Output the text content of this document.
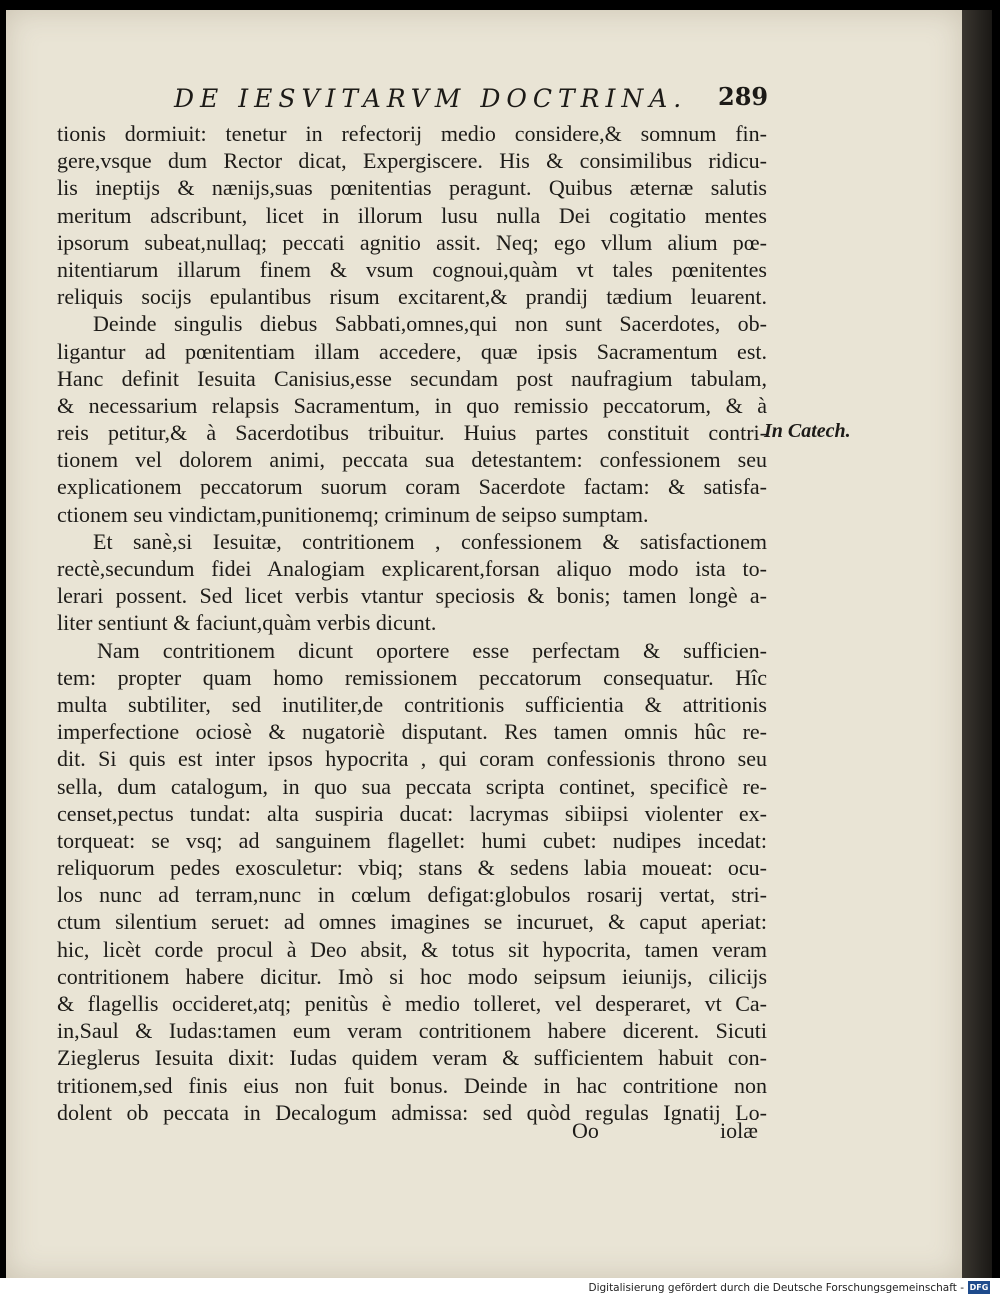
DE IESVITARVM DOCTRINA. 289
tionis dormiuit: tenetur in refectorij medio considere,& somnum fin-
gere,vsque dum Rector dicat, Expergiscere. His & consimilibus ridicu-
lis ineptijs & nænijs,suas pœnitentias peragunt. Quibus æternæ salutis
meritum adscribunt, licet in illorum lusu nulla Dei cogitatio mentes
ipsorum subeat,nullaq; peccati agnitio assit. Neq; ego vllum alium pœ-
nitentiarum illarum finem & vsum cognoui,quàm vt tales pœnitentes
reliquis socijs epulantibus risum excitarent,& prandij tædium leuarent.
Deinde singulis diebus Sabbati,omnes,qui non sunt Sacerdotes, ob-
ligantur ad pœnitentiam illam accedere, quæ ipsis Sacramentum est.
Hanc definit Iesuita Canisius,esse secundam post naufragium tabulam,
& necessarium relapsis Sacramentum, in quo remissio peccatorum, & à
reis petitur,& à Sacerdotibus tribuitur. Huius partes constituit contri-
tionem vel dolorem animi, peccata sua detestantem: confessionem seu
explicationem peccatorum suorum coram Sacerdote factam: & satisfa-
ctionem seu vindictam,punitionemq; criminum de seipso sumptam.
Et sanè,si Iesuitæ, contritionem , confessionem & satisfactionem
rectè,secundum fidei Analogiam explicarent,forsan aliquo modo ista to-
lerari possent. Sed licet verbis vtantur speciosis & bonis; tamen longè a-
liter sentiunt & faciunt,quàm verbis dicunt.
Nam contritionem dicunt oportere esse perfectam & sufficien-
tem: propter quam homo remissionem peccatorum consequatur. Hîc
multa subtiliter, sed inutiliter,de contritionis sufficientia & attritionis
imperfectione ociosè & nugatoriè disputant. Res tamen omnis hûc re-
dit. Si quis est inter ipsos hypocrita , qui coram confessionis throno seu
sella, dum catalogum, in quo sua peccata scripta continet, specificè re-
censet,pectus tundat: alta suspiria ducat: lacrymas sibiipsi violenter ex-
torqueat: se vsq; ad sanguinem flagellet: humi cubet: nudipes incedat:
reliquorum pedes exosculetur: vbiq; stans & sedens labia moueat: ocu-
los nunc ad terram,nunc in cœlum defigat:globulos rosarij vertat, stri-
ctum silentium seruet: ad omnes imagines se incuruet, & caput aperiat:
hic, licèt corde procul à Deo absit, & totus sit hypocrita, tamen veram
contritionem habere dicitur. Imò si hoc modo seipsum ieiunijs, cilicijs
& flagellis occideret,atq; penitùs è medio tolleret, vel desperaret, vt Ca-
in,Saul & Iudas:tamen eum veram contritionem habere dicerent. Sicuti
Zieglerus Iesuita dixit: Iudas quidem veram & sufficientem habuit con-
tritionem,sed finis eius non fuit bonus. Deinde in hac contritione non
dolent ob peccata in Decalogum admissa: sed quòd regulas Ignatij Lo-
In Catech.
Oo	iolæ
Digitalisierung gefördert durch die Deutsche Forschungsgemeinschaft - DFG
